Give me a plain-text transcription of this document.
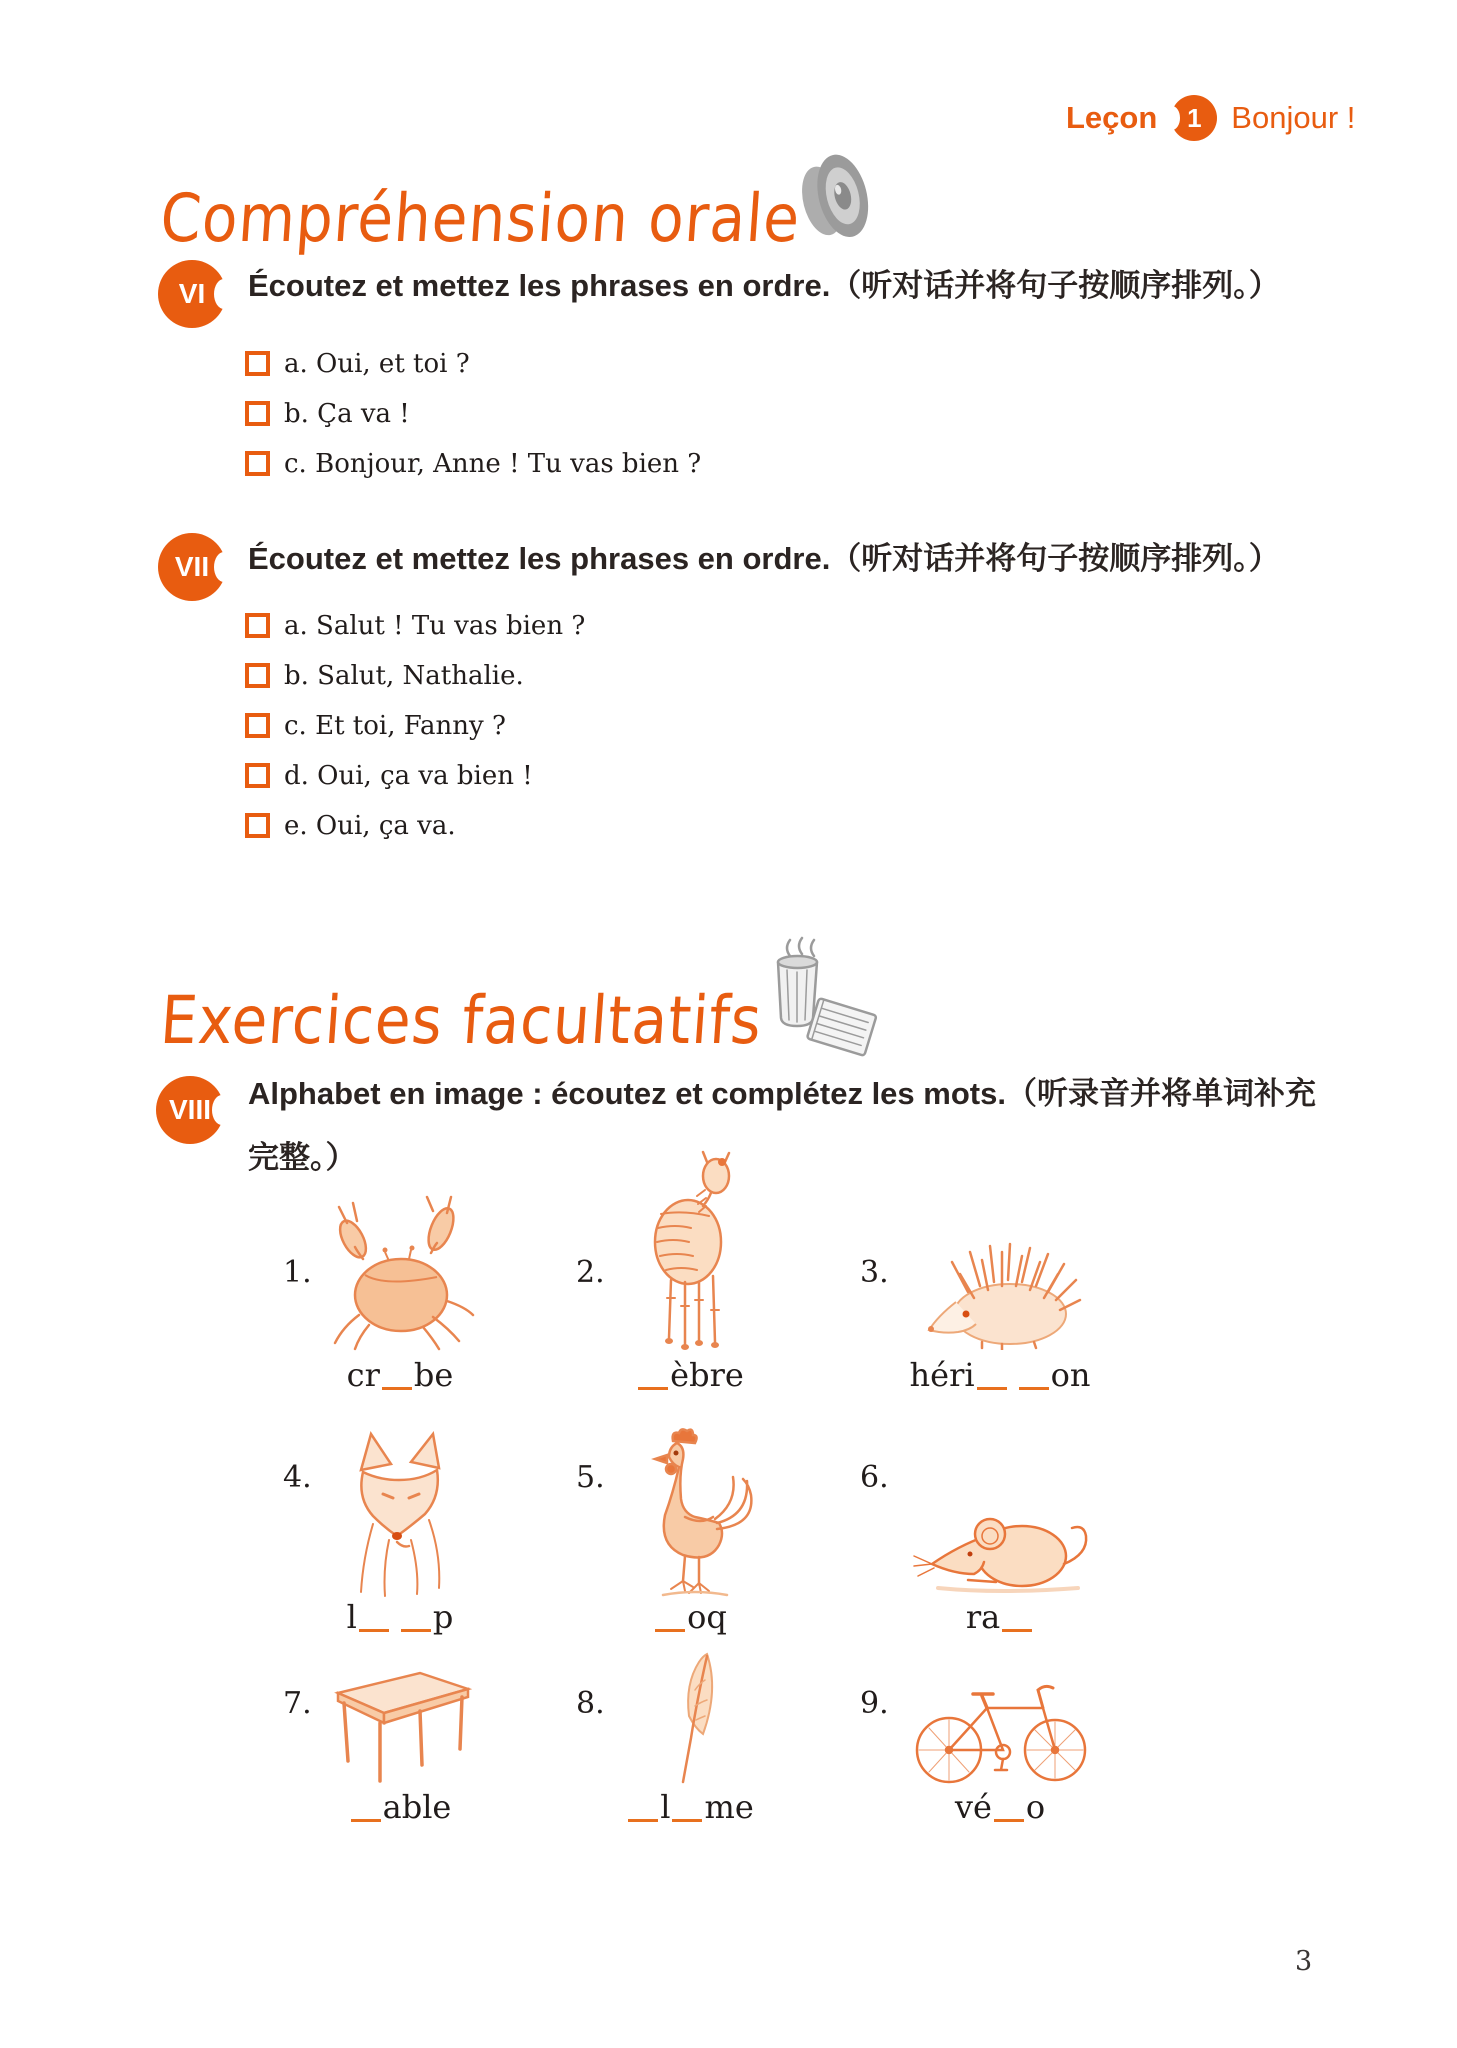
Leçon	1 Bonjour !
Compréhension orale
VI	Écoutez et mettez les phrases en ordre.（听对话并将句子按顺序排列。）
a. Oui, et toi ?
b. Ça va !
c. Bonjour, Anne ! Tu vas bien ?
VII	Écoutez et mettez les phrases en ordre.（听对话并将句子按顺序排列。）
a. Salut ! Tu vas bien ?
b. Salut, Nathalie.
c. Et toi, Fanny ?
d. Oui, ça va bien !
e. Oui, ça va.
Exercices facultatifs
VIII	Alphabet en image : écoutez et complétez les mots.（听录音并将单词补充完整。）
1.
cr be
2.
èbre
3.
héri on
4.
l p
5.
oq
6.
ra
7.
able
8.
l me
9.
vé o
3
